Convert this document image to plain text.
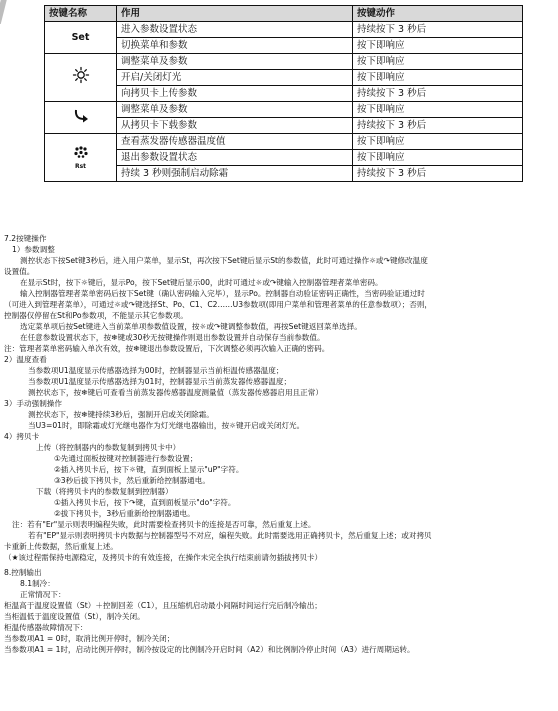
按键名称	作用	按键动作
Set	进入参数设置状态	持续按下 3 秒后
	切换菜单和参数	按下即响应

	调整菜单及参数	按下即响应
	开启/关闭灯光	按下即响应
	向拷贝卡上传参数	持续按下 3 秒后

	调整菜单及参数	按下即响应
	从拷贝卡下载参数	持续按下 3 秒后

Rst	查看蒸发器传感器温度值	按下即响应
	退出参数设置状态	按下即响应
	持续 3 秒则强制启动除霜	持续按下 3 秒后

7.2按键操作

1）参数调整

测控状态下按Set键3秒后，进入用户菜单，显示St，再次按下Set键后显示St的参数值，此时可通过操作☼或↷键修改温度

设置值。

在显示St时，按下☼键后，显示Po，按下Set键后显示00，此时可通过☼或↷键输入控制器管理者菜单密码。

输入控制器管理者菜单密码后按下Set键（确认密码输入完毕），显示Po。控制器自动验证密码正确性，当密码验证通过时

（可进入到管理者菜单），可通过☼或↷键选择St、Po、C1、C2……U3参数项(即用户菜单和管理者菜单的任意参数项）；否则，

控制器仅停留在St和Po参数项，不能显示其它参数项。

选定菜单项后按Set键进入当前菜单项参数值设置，按☼或↷键调整参数值，再按Set键返回菜单选择。

在任意参数设置状态下，按❄键或30秒无按键操作则退出参数设置并自动保存当前参数值。

注：管理者菜单密码输入单次有效，按❄键退出参数设置后，下次调整必须再次输入正确的密码。

2）温度查看

当参数项U1温度显示传感器选择为00时，控制器显示当前柜温传感器温度；

当参数项U1温度显示传感器选择为01时，控制器显示当前蒸发器传感器温度；

测控状态下，按❄键后可查看当前蒸发器传感器温度测量值（蒸发器传感器启用且正常）

3）手动强制操作

测控状态下，按❄键持续3秒后，强制开启或关闭除霜。

当U3=01时，即除霜或灯光继电器作为灯光继电器输出，按☼键开启或关闭灯光。

4）拷贝卡

上传（将控制器内的参数复制到拷贝卡中）

①先通过面板按键对控制器进行参数设置；

②插入拷贝卡后，按下☼键，直到面板上显示"uP"字符。

③3秒后拔下拷贝卡，然后重新给控制器通电。

下载（将拷贝卡内的参数复制到控制器）

①插入拷贝卡后，按下↷键，直到面板显示"do"字符。

②拔下拷贝卡，3秒后重新给控制器通电。

注：若有"Er"显示则表明编程失败，此时需要检查拷贝卡的连接是否可靠，然后重复上述。

若有"EP"显示则表明拷贝卡内数据与控制器型号不对应，编程失败。此时需要选用正确拷贝卡，然后重复上述；或对拷贝

卡重新上传数据，然后重复上述。

（★该过程需保持电源稳定，及拷贝卡的有效连接，在操作未完全执行结束前请勿插拔拷贝卡）

8.控制输出

8.1制冷：

正常情况下：

柜温高于温度设置值（St）＋控制回差（C1），且压缩机启动最小间隔时间运行完后制冷输出；

当柜温低于温度设置值（St），制冷关闭。

柜温传感器故障情况下：

当参数项A1 = 0时，取消比例开停时，制冷关闭；

当参数项A1 = 1时，启动比例开停时，制冷按设定的比例制冷开启时间（A2）和比例制冷停止时间（A3）进行周期运转。
